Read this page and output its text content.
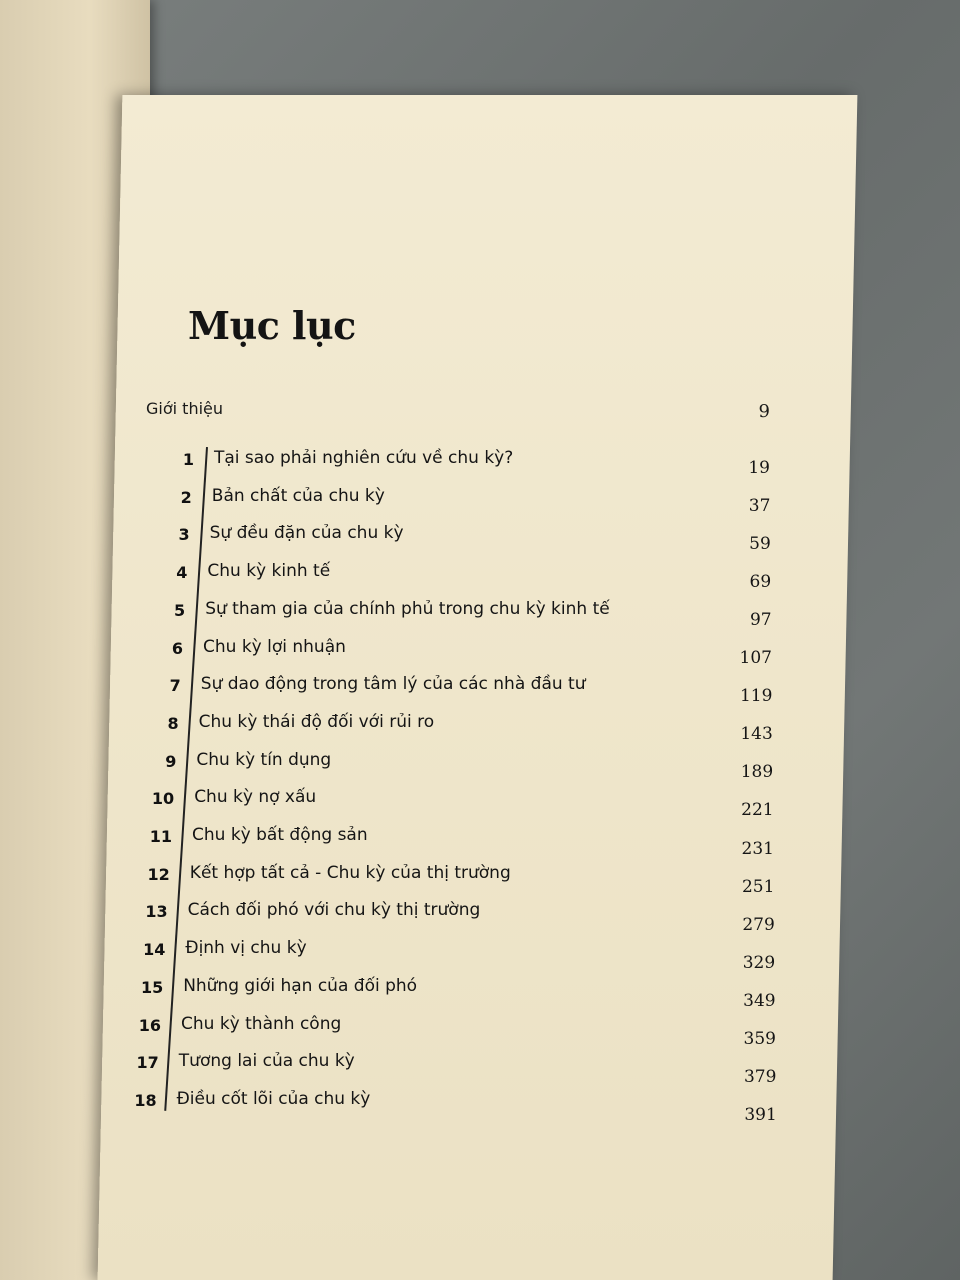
Mục lục
Giới thiệu	9
1 Tại sao phải nghiên cứu về chu kỳ?	19
2 Bản chất của chu kỳ
37
3 Sự đều đặn của chu kỳ
59
4 Chu kỳ kinh tế
69
5 Sự tham gia của chính phủ trong chu kỳ kinh tế
97
6 Chu kỳ lợi nhuận
107
7 Sự dao động trong tâm lý của các nhà đầu tư
119
8 Chu kỳ thái độ đối với rủi ro
143
9 Chu kỳ tín dụng
189
10 Chu kỳ nợ xấu
221
11 Chu kỳ bất động sản
231
12 Kết hợp tất cả - Chu kỳ của thị trường
251
13 Cách đối phó với chu kỳ thị trường
279
14 Định vị chu kỳ
329
15 Những giới hạn của đối phó
349
16 Chu kỳ thành công
359
17 Tương lai của chu kỳ
379
18 Điều cốt lõi của chu kỳ
391
